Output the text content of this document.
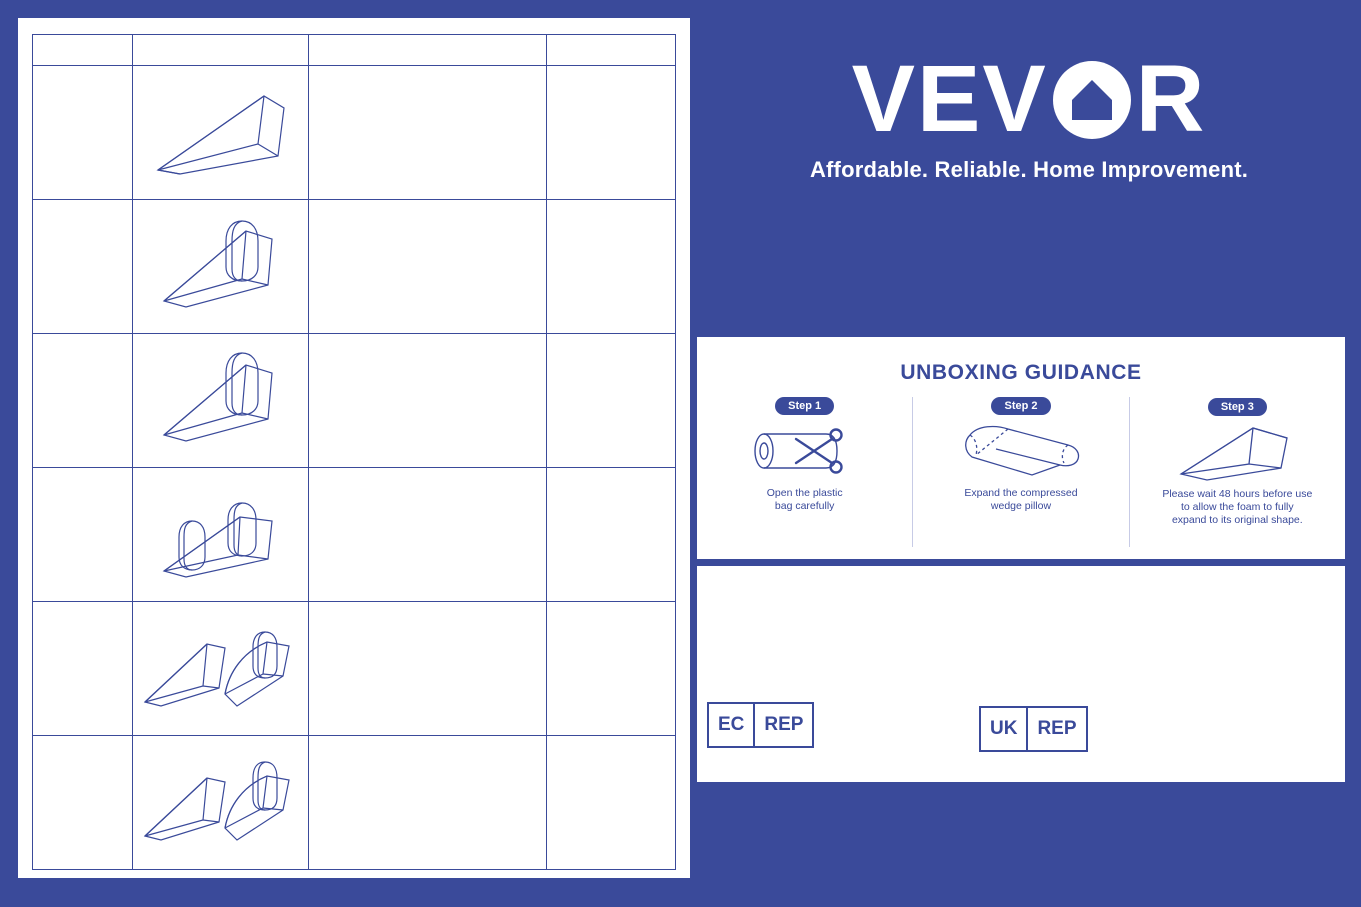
VEV R
Affordable. Reliable. Home Improvement.
UNBOXING GUIDANCE
Step 1
Open the plastic
bag carefully
Step 2
Expand the compressed
wedge pillow
Step 3
Please wait 48 hours before use
to allow the foam to fully
expand to its original shape.
EC	REP	UK	REP
